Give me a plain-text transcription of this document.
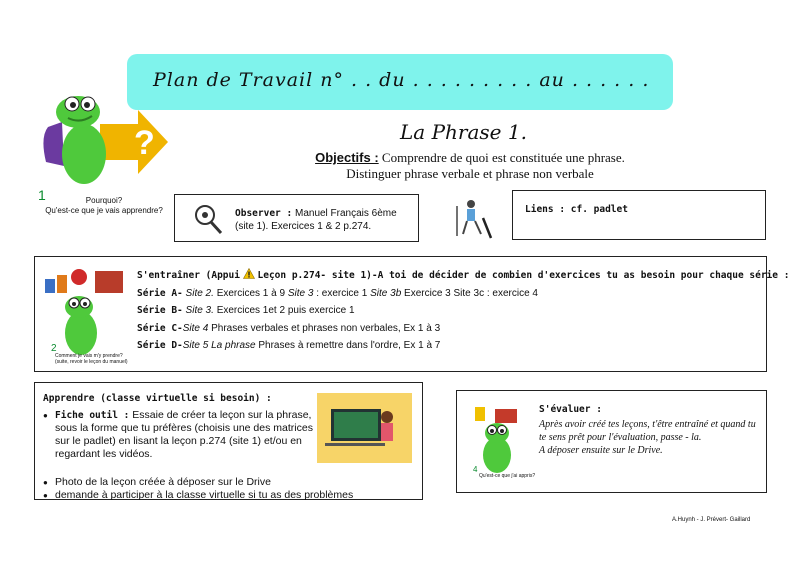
Plan de Travail n° . . du . . . . . . . . . au . . . . . .
?
1	Pourquoi?
Qu'est-ce que je vais apprendre?
La Phrase 1.
Objectifs : Comprendre de quoi est constituée une phrase.
Distinguer phrase verbale et phrase non verbale
Observer : Manuel Français 6ème (site 1). Exercices 1 & 2 p.274.
Liens : cf. padlet
2
Comment je vais m'y prendre? (suite, revoir le leçon du manuel)
S'entraîner (Appui Leçon p.274- site 1)-A toi de décider de combien d'exercices tu as besoin pour chaque série :
Série A- Site 2. Exercices 1 à 9 Site 3 : exercice 1 Site 3b Exercice 3 Site 3c : exercice 4
Série B- Site 3. Exercices 1et 2 puis exercice 1
Série C-Site 4 Phrases verbales et phrases non verbales, Ex 1 à 3
Série D-Site 5 La phrase Phrases à remettre dans l'ordre, Ex 1 à 7
Apprendre (classe virtuelle si besoin) :
● Fiche outil : Essaie de créer ta leçon sur la phrase, sous la forme que tu préfères (choisis une des matrices sur le padlet) en lisant la leçon p.274 (site 1) et/ou en regardant les vidéos.
● Photo de la leçon créée à déposer sur le Drive
● demande à participer à la classe virtuelle si tu as des problèmes
4
Qu'est-ce que j'ai appris?
S'évaluer :
Après avoir créé tes leçons, t'être entraîné et quand tu te sens prêt pour l'évaluation, passe - la.
A déposer ensuite sur le Drive.
A.Huynh - J. Prévert- Gaillard
